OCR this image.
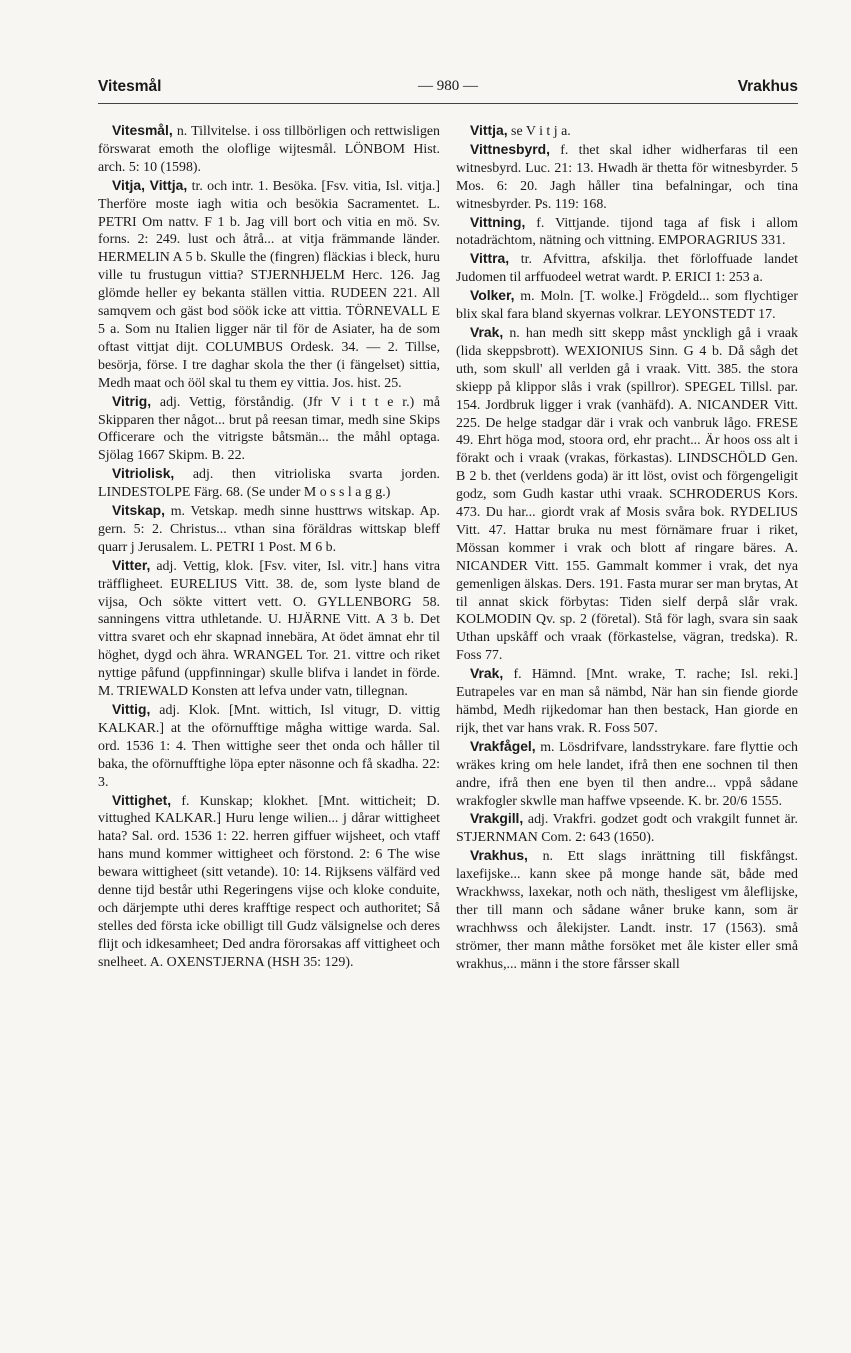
Vitesmål	— 980 —	Vrakhus

Vitesmål, n. Tillvitelse. i oss tillbörligen och rettwisligen förswarat emoth the oloflige wijtesmål. LÖNBOM Hist. arch. 5: 10 (1598).

Vitja, Vittja, tr. och intr. 1. Besöka. [Fsv. vitia, Isl. vitja.] Therföre moste iagh witia och besökia Sacramentet. L. PETRI Om nattv. F 1 b. Jag vill bort och vitia en mö. Sv. forns. 2: 249. lust och åtrå... at vitja främmande länder. HERMELIN A 5 b. Skulle the (fingren) fläckias i bleck, huru ville tu frustugun vittia? STJERNHJELM Herc. 126. Jag glömde heller ey bekanta ställen vittia. RUDEEN 221. All samqvem och gäst bod söök icke att vittia. TÖRNEVALL E 5 a. Som nu Italien ligger när til för de Asiater, ha de som oftast vittjat dijt. COLUMBUS Ordesk. 34. — 2. Tillse, besörja, förse. I tre daghar skola the ther (i fängelset) sittia, Medh maat och ööl skal tu them ey vittia. Jos. hist. 25.

Vitrig, adj. Vettig, förståndig. (Jfr V i t t e r.) må Skipparen ther något... brut på reesan timar, medh sine Skips Officerare och the vitrigste båtsmän... the måhl optaga. Sjölag 1667 Skipm. B. 22.

Vitriolisk, adj. then vitrioliska svarta jorden. LINDESTOLPE Färg. 68. (Se under M o s s l a g g.)

Vitskap, m. Vetskap. medh sinne husttrws witskap. Ap. gern. 5: 2. Christus... vthan sina föräldras wittskap bleff quarr j Jerusalem. L. PETRI 1 Post. M 6 b.

Vitter, adj. Vettig, klok. [Fsv. viter, Isl. vitr.] hans vitra träffligheet. EURELIUS Vitt. 38. de, som lyste bland de vijsa, Och sökte vittert vett. O. GYLLENBORG 58. sanningens vittra uthletande. U. HJÄRNE Vitt. A 3 b. Det vittra svaret och ehr skapnad innebära, At ödet ämnat ehr til höghet, dygd och ähra. WRANGEL Tor. 21. vittre och riket nyttige påfund (uppfinningar) skulle blifva i landet in förde. M. TRIEWALD Konsten att lefva under vatn, tillegnan.

Vittig, adj. Klok. [Mnt. wittich, Isl vitugr, D. vittig KALKAR.] at the oförnufftige mågha wittige warda. Sal. ord. 1536 1: 4. Then wittighe seer thet onda och håller til baka, the oförnufftighe löpa epter näsonne och få skadha. 22: 3.

Vittighet, f. Kunskap; klokhet. [Mnt. witticheit; D. vittughed KALKAR.] Huru lenge wilien... j dårar wittigheet hata? Sal. ord. 1536 1: 22. herren giffuer wijsheet, och vtaff hans mund kommer wittigheet och förstond. 2: 6 The wise bewara wittigheet (sitt vetande). 10: 14. Rijksens välfärd ved denne tijd består uthi Regeringens vijse och kloke conduite, och därjempte uthi deres krafftige respect och authoritet; Så stelles ded första icke obilligt till Gudz välsignelse och deres flijt och idkesamheet; Ded andra förorsakas aff vittigheet och snelheet. A. OXENSTJERNA (HSH 35: 129).

Vittja, se V i t j a.

Vittnesbyrd, f. thet skal idher widherfaras til een witnesbyrd. Luc. 21: 13. Hwadh är thetta för witnesbyrder. 5 Mos. 6: 20. Jagh håller tina befalningar, och tina witnesbyrder. Ps. 119: 168.

Vittning, f. Vittjande. tijond taga af fisk i allom notadrächtom, nätning och vittning. EMPORAGRIUS 331.

Vittra, tr. Afvittra, afskilja. thet förloffuade landet Judomen til arffuodeel wetrat wardt. P. ERICI 1: 253 a.

Volker, m. Moln. [T. wolke.] Frögdeld... som flychtiger blix skal fara bland skyernas volkrar. LEYONSTEDT 17.

Vrak, n. han medh sitt skepp måst ynckligh gå i vraak (lida skeppsbrott). WEXIONIUS Sinn. G 4 b. Då sågh det uth, som skull' all verlden gå i vraak. Vitt. 385. the stora skiepp på klippor slås i vrak (spillror). SPEGEL Tillsl. par. 154. Jordbruk ligger i vrak (vanhäfd). A. NICANDER Vitt. 225. De helge stadgar där i vrak och vanbruk lågo. FRESE 49. Ehrt höga mod, stoora ord, ehr pracht... Är hoos oss alt i förakt och i vraak (vrakas, förkastas). LINDSCHÖLD Gen. B 2 b. thet (verldens goda) är itt löst, ovist och förgengeligit godz, som Gudh kastar uthi vraak. SCHRODERUS Kors. 473. Du har... giordt vrak af Mosis svåra bok. RYDELIUS Vitt. 47. Hattar bruka nu mest förnämare fruar i riket, Mössan kommer i vrak och blott af ringare bäres. A. NICANDER Vitt. 155. Gammalt kommer i vrak, det nya gemenligen älskas. Ders. 191. Fasta murar ser man brytas, At til annat skick förbytas: Tiden sielf derpå slår vrak. KOLMODIN Qv. sp. 2 (företal). Stå för lagh, svara sin saak Uthan upskåff och vraak (förkastelse, vägran, tredska). R. Foss 77.

Vrak, f. Hämnd. [Mnt. wrake, T. rache; Isl. reki.] Eutrapeles var en man så nämbd, När han sin fiende giorde hämbd, Medh rijkedomar han then bestack, Han giorde en rijk, thet var hans vrak. R. Foss 507.

Vrakfågel, m. Lösdrifvare, landsstrykare. fare flyttie och wräkes kring om hele landet, ifrå then ene sochnen til then andre, ifrå then ene byen til then andre... vppå sådane wrakfogler skwlle man haffwe vpseende. K. br. 20/6 1555.

Vrakgill, adj. Vrakfri. godzet godt och vrakgilt funnet är. STJERNMAN Com. 2: 643 (1650).

Vrakhus, n. Ett slags inrättning till fiskfångst. laxefijske... kann skee på monge hande sät, både med Wrackhwss, laxekar, noth och näth, thesligest vm åleflijske, ther till mann och sådane wåner bruke kann, som är wrachhwss och ålekijster. Landt. instr. 17 (1563). små strömer, ther mann måthe forsöket met åle kister eller små wrakhus,... männ i the store fårsser skall
